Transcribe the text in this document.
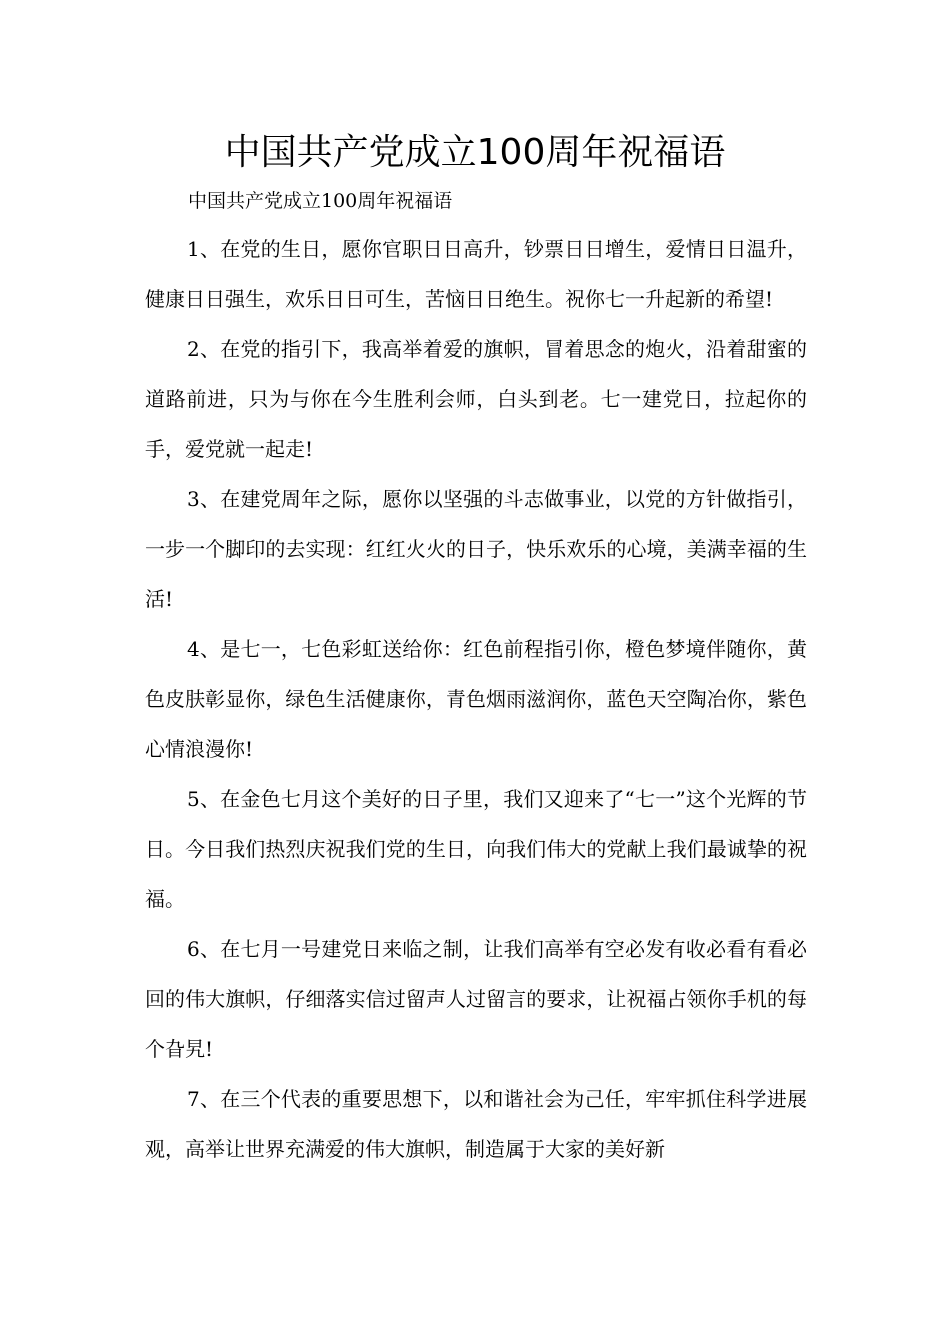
中国共产党成立100周年祝福语

中国共产党成立100周年祝福语

1、在党的生日，愿你官职日日高升，钞票日日增生，爱情日日温升，健康日日强生，欢乐日日可生，苦恼日日绝生。祝你七一升起新的希望!

2、在党的指引下，我高举着爱的旗帜，冒着思念的炮火，沿着甜蜜的道路前进，只为与你在今生胜利会师，白头到老。七一建党日，拉起你的手，爱党就一起走!

3、在建党周年之际，愿你以坚强的斗志做事业，以党的方针做指引，一步一个脚印的去实现：红红火火的日子，快乐欢乐的心境，美满幸福的生活!

4、是七一，七色彩虹送给你：红色前程指引你，橙色梦境伴随你，黄色皮肤彰显你，绿色生活健康你，青色烟雨滋润你，蓝色天空陶冶你，紫色心情浪漫你!

5、在金色七月这个美好的日子里，我们又迎来了“七一”这个光辉的节日。今日我们热烈庆祝我们党的生日，向我们伟大的党献上我们最诚挚的祝福。

6、在七月一号建党日来临之制，让我们高举有空必发有收必看有看必回的伟大旗帜，仔细落实信过留声人过留言的要求，让祝福占领你手机的每个旮旯!

7、在三个代表的重要思想下，以和谐社会为己任，牢牢抓住科学进展观，高举让世界充满爱的伟大旗帜，制造属于大家的美好新
